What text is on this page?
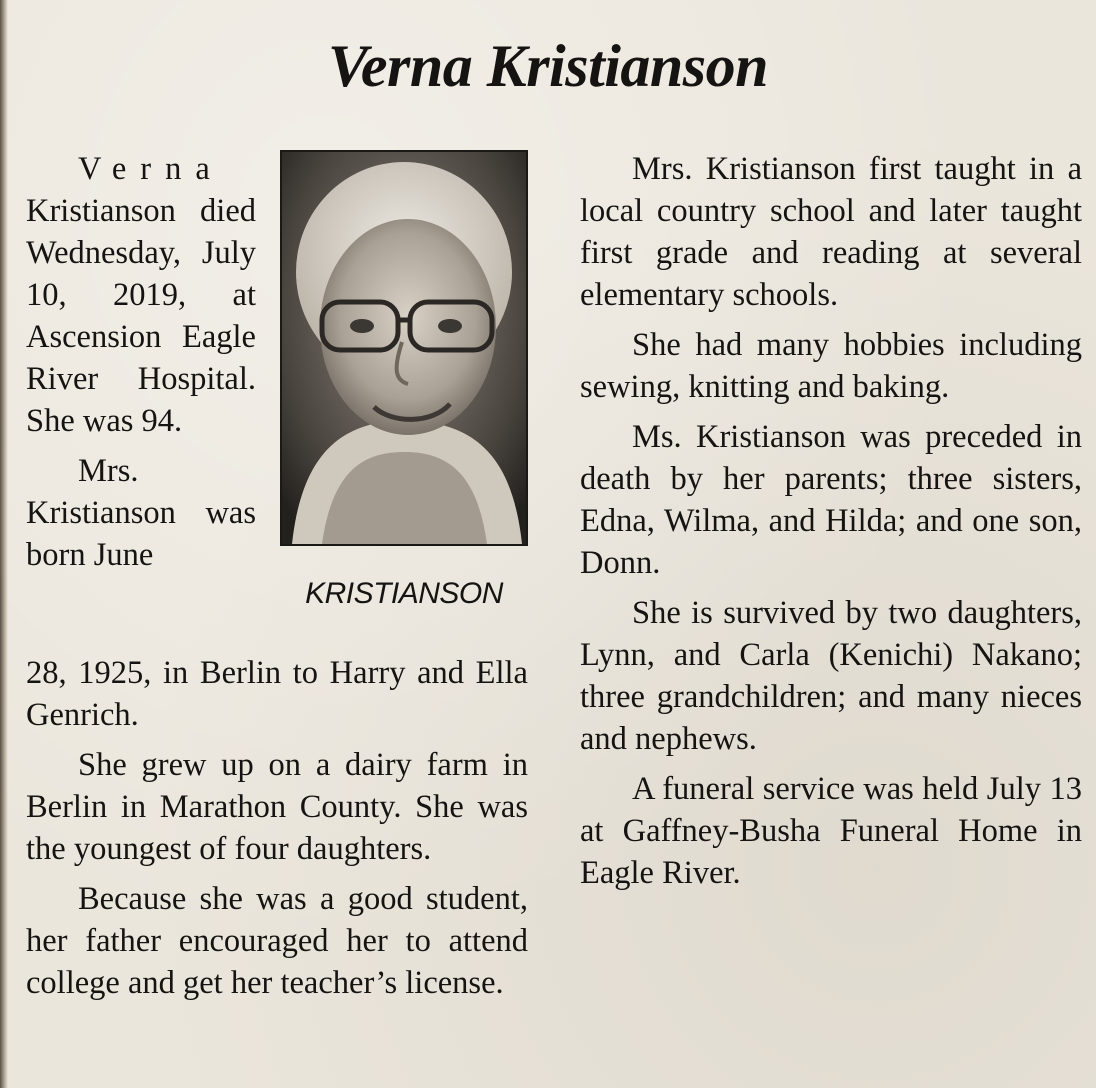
Verna Kristianson

Verna Kristianson died Wednesday, July 10, 2019, at Ascension Eagle River Hospital. She was 94.

Mrs. Kristianson was born June

KRISTIANSON

28, 1925, in Berlin to Harry and Ella Genrich.

She grew up on a dairy farm in Berlin in Marathon County. She was the youngest of four daughters.

Because she was a good student, her father encouraged her to attend college and get her teacher’s license.

Mrs. Kristianson first taught in a local country school and later taught first grade and reading at several elementary schools.

She had many hobbies including sewing, knitting and baking.

Ms. Kristianson was preceded in death by her parents; three sisters, Edna, Wilma, and Hilda; and one son, Donn.

She is survived by two daughters, Lynn, and Carla (Kenichi) Nakano; three grandchildren; and many nieces and nephews.

A funeral service was held July 13 at Gaffney-Busha Funeral Home in Eagle River.
